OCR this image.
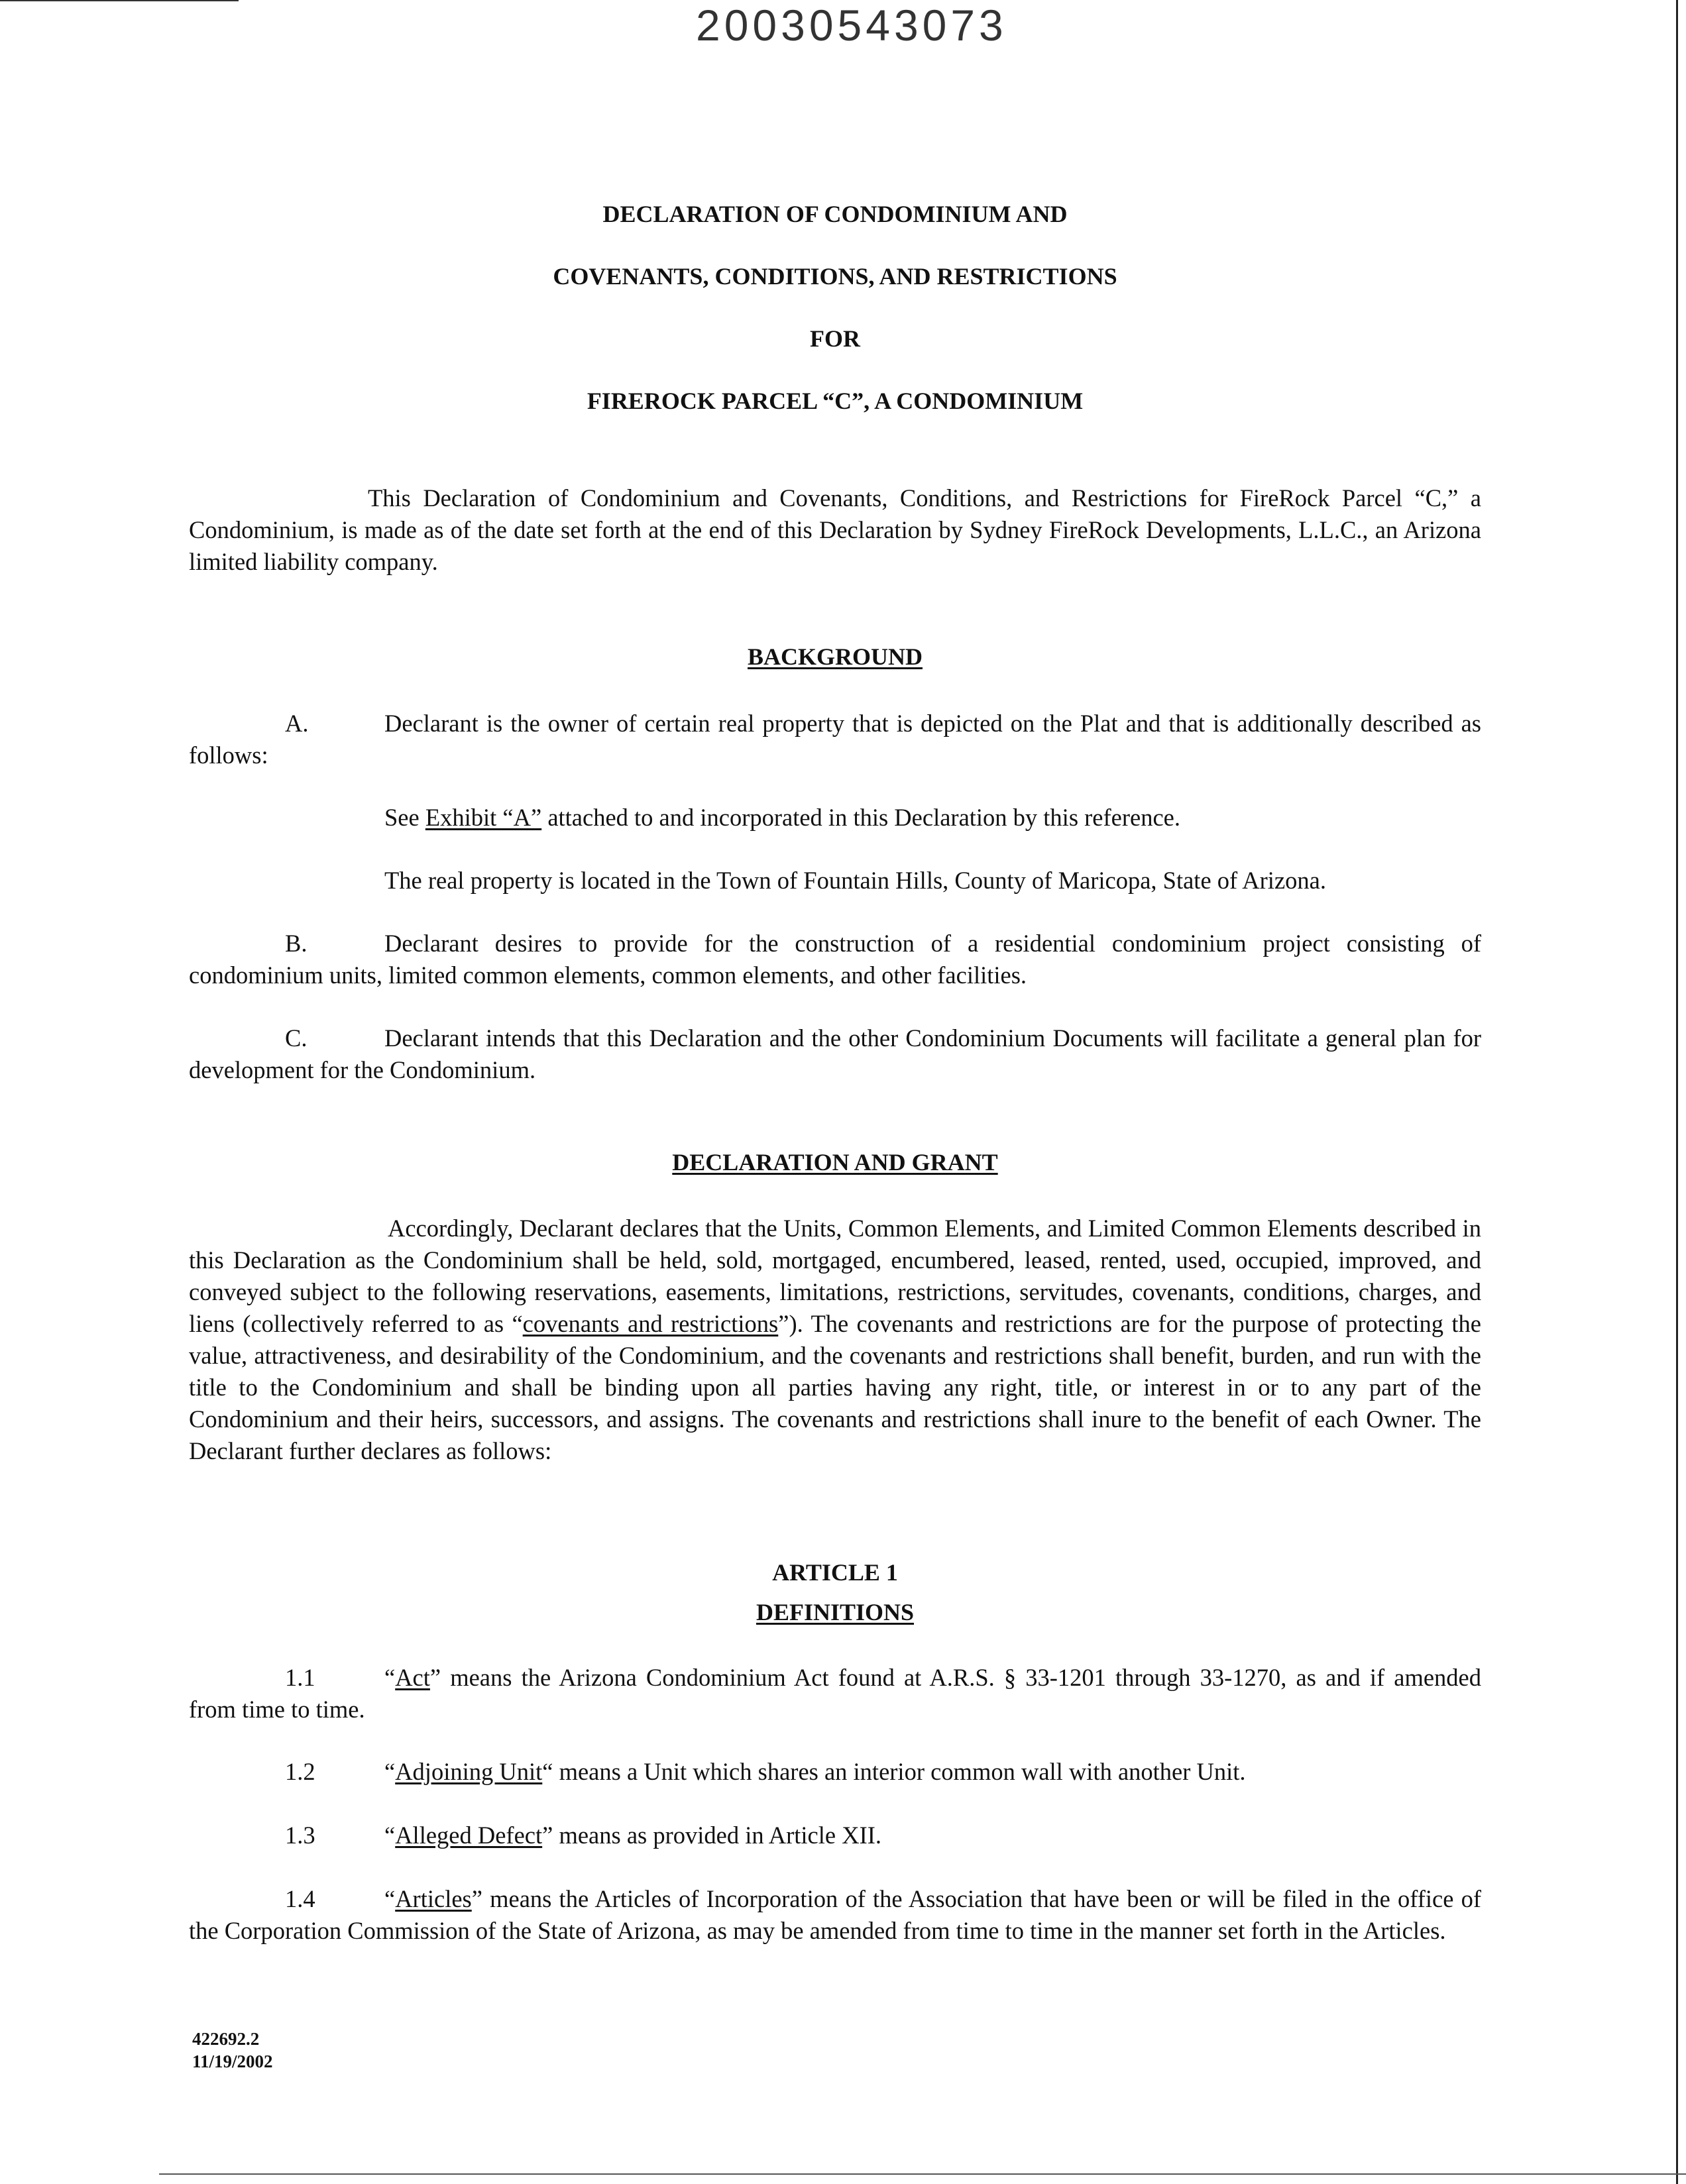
20030543073
DECLARATION OF CONDOMINIUM AND
COVENANTS, CONDITIONS, AND RESTRICTIONS
FOR
FIREROCK PARCEL “C”, A CONDOMINIUM
This Declaration of Condominium and Covenants, Conditions, and Restrictions for FireRock Parcel “C,” a Condominium, is made as of the date set forth at the end of this Declaration by Sydney FireRock Developments, L.L.C., an Arizona limited liability company.
BACKGROUND
A.	Declarant is the owner of certain real property that is depicted on the Plat and that is additionally described as follows:
See Exhibit “A” attached to and incorporated in this Declaration by this reference.
The real property is located in the Town of Fountain Hills, County of Maricopa, State of Arizona.
B.	Declarant desires to provide for the construction of a residential condominium project consisting of condominium units, limited common elements, common elements, and other facilities.
C.	Declarant intends that this Declaration and the other Condominium Documents will facilitate a general plan for development for the Condominium.
DECLARATION AND GRANT
Accordingly, Declarant declares that the Units, Common Elements, and Limited Common Elements described in this Declaration as the Condominium shall be held, sold, mortgaged, encumbered, leased, rented, used, occupied, improved, and conveyed subject to the following reservations, easements, limitations, restrictions, servitudes, covenants, conditions, charges, and liens (collectively referred to as “covenants and restrictions”). The covenants and restrictions are for the purpose of protecting the value, attractiveness, and desirability of the Condominium, and the covenants and restrictions shall benefit, burden, and run with the title to the Condominium and shall be binding upon all parties having any right, title, or interest in or to any part of the Condominium and their heirs, successors, and assigns. The covenants and restrictions shall inure to the benefit of each Owner. The Declarant further declares as follows:
ARTICLE 1
DEFINITIONS
1.1	“Act” means the Arizona Condominium Act found at A.R.S. § 33-1201 through 33-1270, as and if amended from time to time.
1.2	“Adjoining Unit“ means a Unit which shares an interior common wall with another Unit.
1.3	“Alleged Defect” means as provided in Article XII.
1.4	“Articles” means the Articles of Incorporation of the Association that have been or will be filed in the office of the Corporation Commission of the State of Arizona, as may be amended from time to time in the manner set forth in the Articles.
422692.2
11/19/2002
